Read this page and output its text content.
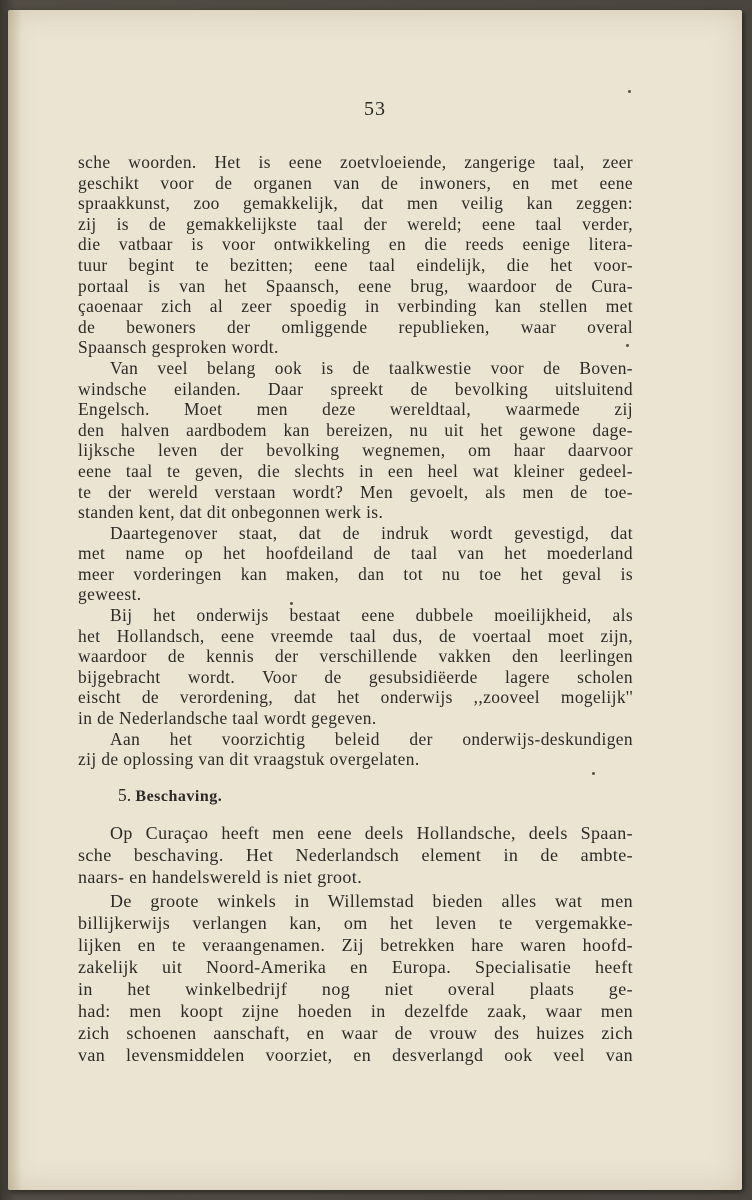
53
sche woorden. Het is eene zoetvloeiende, zangerige taal, zeer
geschikt voor de organen van de inwoners, en met eene
spraakkunst, zoo gemakkelijk, dat men veilig kan zeggen:
zij is de gemakkelijkste taal der wereld; eene taal verder,
die vatbaar is voor ontwikkeling en die reeds eenige litera-
tuur begint te bezitten; eene taal eindelijk, die het voor-
portaal is van het Spaansch, eene brug, waardoor de Cura-
çaoenaar zich al zeer spoedig in verbinding kan stellen met
de bewoners der omliggende republieken, waar overal
Spaansch gesproken wordt.
Van veel belang ook is de taalkwestie voor de Boven-
windsche eilanden. Daar spreekt de bevolking uitsluitend
Engelsch. Moet men deze wereldtaal, waarmede zij
den halven aardbodem kan bereizen, nu uit het gewone dage-
lijksche leven der bevolking wegnemen, om haar daarvoor
eene taal te geven, die slechts in een heel wat kleiner gedeel-
te der wereld verstaan wordt? Men gevoelt, als men de toe-
standen kent, dat dit onbegonnen werk is.
Daartegenover staat, dat de indruk wordt gevestigd, dat
met name op het hoofdeiland de taal van het moederland
meer vorderingen kan maken, dan tot nu toe het geval is
geweest.
Bij het onderwijs bestaat eene dubbele moeilijkheid, als
het Hollandsch, eene vreemde taal dus, de voertaal moet zijn,
waardoor de kennis der verschillende vakken den leerlingen
bijgebracht wordt. Voor de gesubsidiëerde lagere scholen
eischt de verordening, dat het onderwijs ,,zooveel mogelijk''
in de Nederlandsche taal wordt gegeven.
Aan het voorzichtig beleid der onderwijs-deskundigen
zij de oplossing van dit vraagstuk overgelaten.
5. Beschaving.
Op Curaçao heeft men eene deels Hollandsche, deels Spaan-
sche beschaving. Het Nederlandsch element in de ambte-
naars- en handelswereld is niet groot.
De groote winkels in Willemstad bieden alles wat men
billijkerwijs verlangen kan, om het leven te vergemakke-
lijken en te veraangenamen. Zij betrekken hare waren hoofd-
zakelijk uit Noord-Amerika en Europa. Specialisatie heeft
in het winkelbedrijf nog niet overal plaats ge-
had: men koopt zijne hoeden in dezelfde zaak, waar men
zich schoenen aanschaft, en waar de vrouw des huizes zich
van levensmiddelen voorziet, en desverlangd ook veel van
